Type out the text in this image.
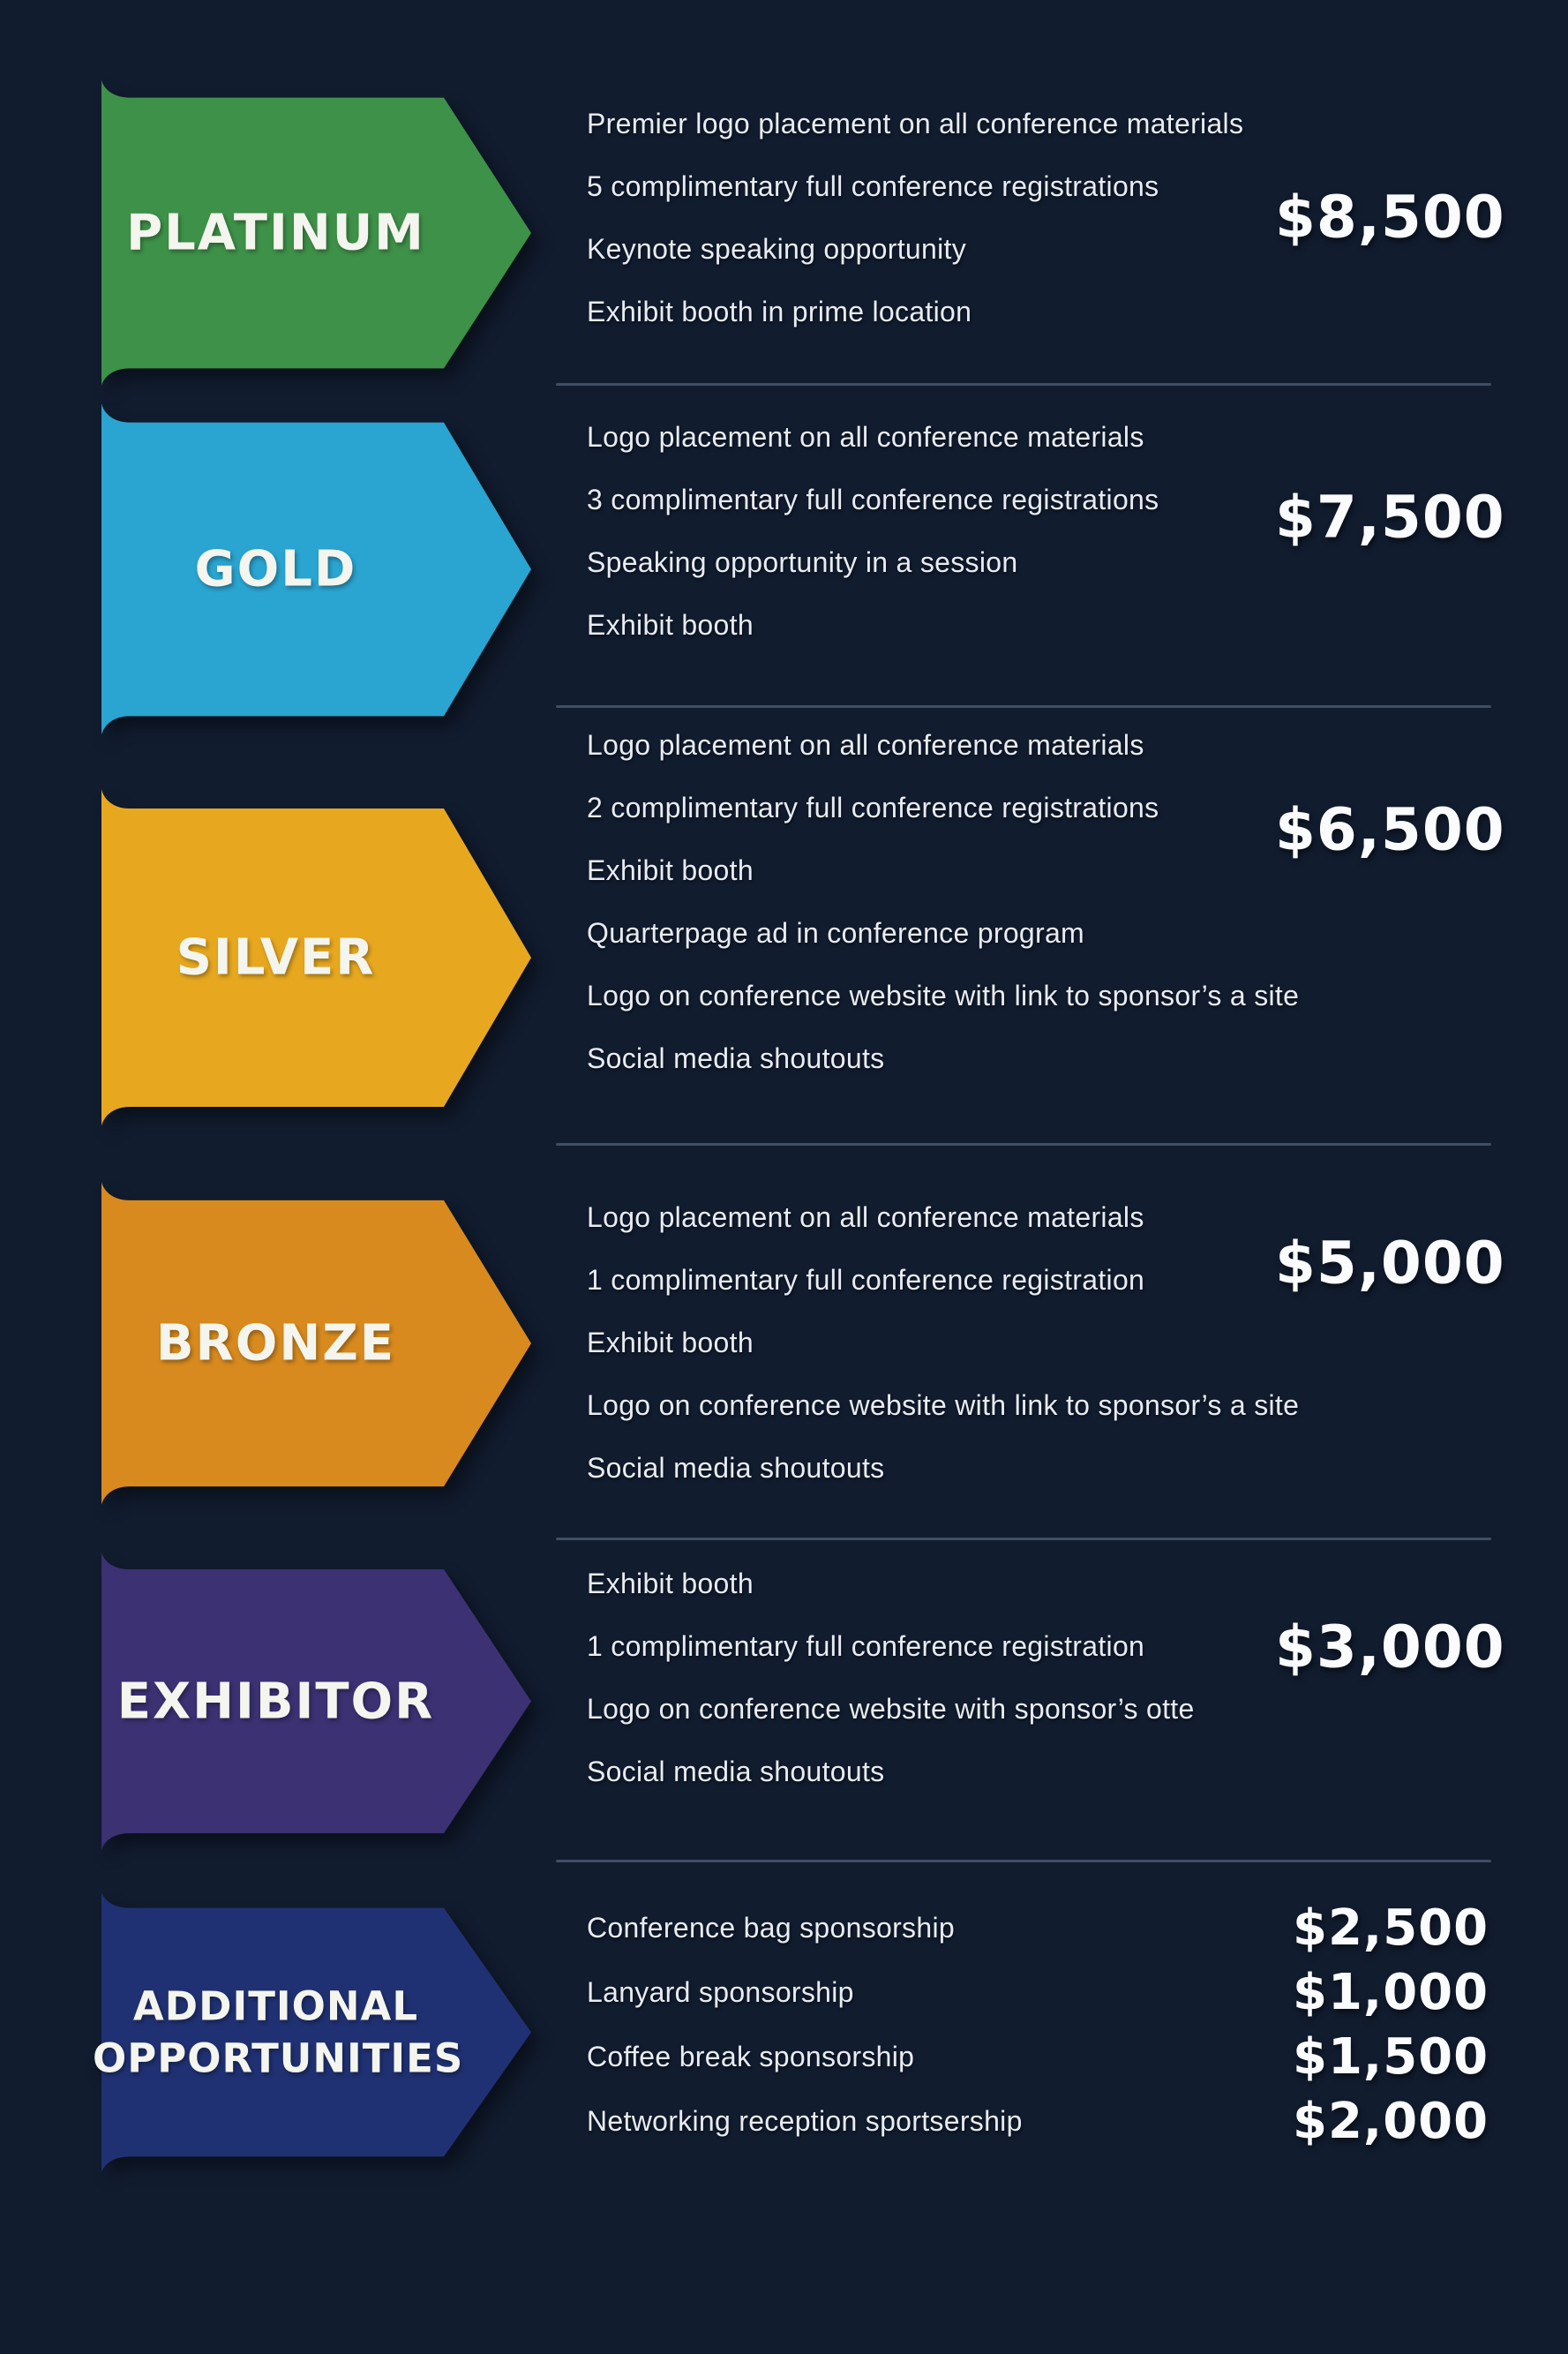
PLATINUM
Premier logo placement on all conference materials
5 complimentary full conference registrations
Keynote speaking opportunity
Exhibit booth in prime location
$8,500
GOLD
Logo placement on all conference materials
3 complimentary full conference registrations
Speaking opportunity in a session
Exhibit booth
$7,500
SILVER
Logo placement on all conference materials
2 complimentary full conference registrations
Exhibit booth
Quarterpage ad in conference program
Logo on conference website with link to sponsor’s a site
Social media shoutouts
$6,500
BRONZE
Logo placement on all conference materials
1 complimentary full conference registration
Exhibit booth
Logo on conference website with link to sponsor’s a site
Social media shoutouts
$5,000
EXHIBITOR
Exhibit booth
1 complimentary full conference registration
Logo on conference website with sponsor’s otte
Social media shoutouts
$3,000
ADDITIONAL
OPPORTUNITIES
Conference bag sponsorship	$2,500
Lanyard sponsorship	$1,000
Coffee break sponsorship	$1,500
Networking reception sportsership	$2,000
